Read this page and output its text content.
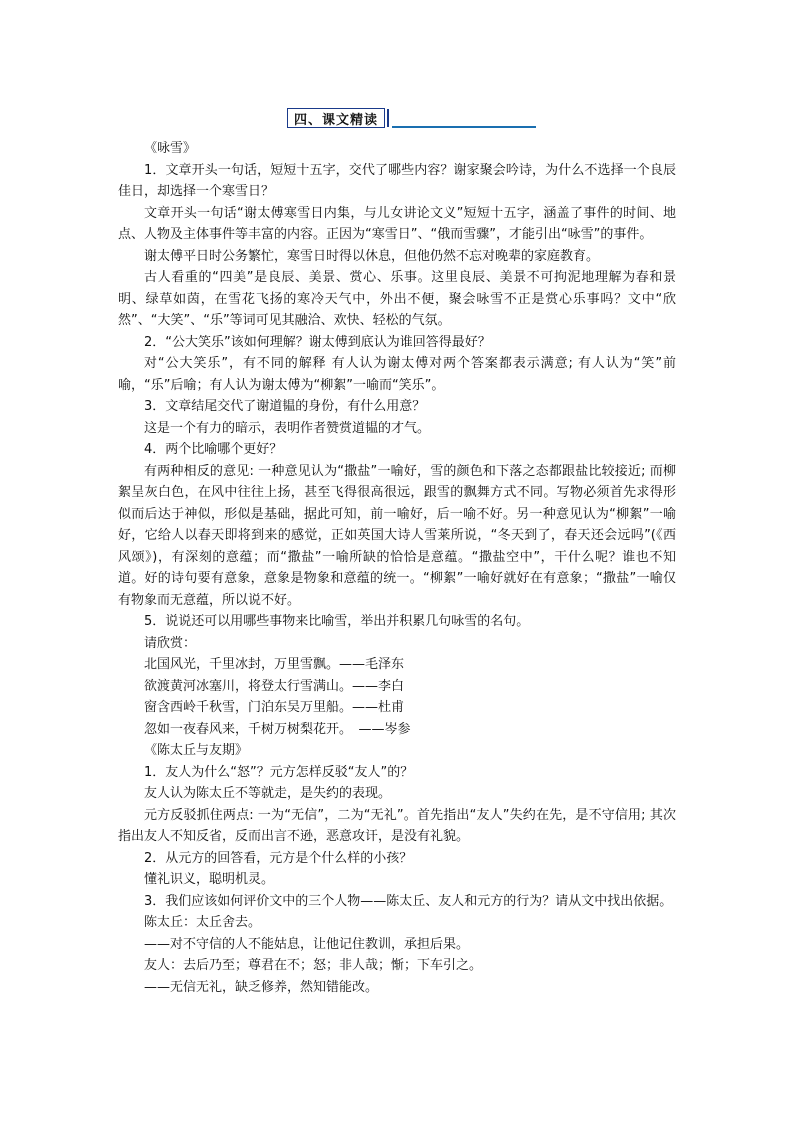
四、课文精读

《咏雪》

1．文章开头一句话，短短十五字，交代了哪些内容？谢家聚会吟诗，为什么不选择一个良辰佳日，却选择一个寒雪日？

文章开头一句话“谢太傅寒雪日内集，与儿女讲论文义”短短十五字，涵盖了事件的时间、地点、人物及主体事件等丰富的内容。正因为“寒雪日”、“俄而雪骤”，才能引出“咏雪”的事件。

谢太傅平日时公务繁忙，寒雪日时得以休息，但他仍然不忘对晚辈的家庭教育。

古人看重的“四美”是良辰、美景、赏心、乐事。这里良辰、美景不可拘泥地理解为春和景明、绿草如茵，在雪花飞扬的寒冷天气中，外出不便，聚会咏雪不正是赏心乐事吗？文中“欣然”、“大笑”、“乐”等词可见其融洽、欢快、轻松的气氛。

2．“公大笑乐”该如何理解？谢太傅到底认为谁回答得最好？

对“公大笑乐”，有不同的解释 有人认为谢太傅对两个答案都表示满意; 有人认为“笑”前喻，“乐”后喻；有人认为谢太傅为“柳絮”一喻而“笑乐”。

3．文章结尾交代了谢道韫的身份，有什么用意？

这是一个有力的暗示，表明作者赞赏道韫的才气。

4．两个比喻哪个更好？

有两种相反的意见: 一种意见认为“撒盐”一喻好，雪的颜色和下落之态都跟盐比较接近; 而柳絮呈灰白色，在风中往往上扬，甚至飞得很高很远，跟雪的飘舞方式不同。写物必须首先求得形似而后达于神似，形似是基础，据此可知，前一喻好，后一喻不好。另一种意见认为“柳絮”一喻好，它给人以春天即将到来的感觉，正如英国大诗人雪莱所说，“冬天到了，春天还会远吗”(《西风颂》)，有深刻的意蕴；而“撒盐”一喻所缺的恰恰是意蕴。“撒盐空中”，干什么呢？谁也不知道。好的诗句要有意象，意象是物象和意蕴的统一。“柳絮”一喻好就好在有意象；“撒盐”一喻仅有物象而无意蕴，所以说不好。

5．说说还可以用哪些事物来比喻雪，举出并积累几句咏雪的名句。

请欣赏：

北国风光，千里冰封，万里雪飘。——毛泽东

欲渡黄河冰塞川，将登太行雪满山。——李白

窗含西岭千秋雪，门泊东吴万里船。——杜甫

忽如一夜春风来，千树万树梨花开。　——岑参

《陈太丘与友期》

1．友人为什么“怒”？元方怎样反驳“友人”的？

友人认为陈太丘不等就走，是失约的表现。

元方反驳抓住两点: 一为“无信”，二为“无礼”。首先指出“友人”失约在先，是不守信用; 其次指出友人不知反省，反而出言不逊，恶意攻讦，是没有礼貌。

2．从元方的回答看，元方是个什么样的小孩？

懂礼识义，聪明机灵。

3．我们应该如何评价文中的三个人物——陈太丘、友人和元方的行为？请从文中找出依据。

陈太丘：太丘舍去。

——对不守信的人不能姑息，让他记住教训，承担后果。

友人：去后乃至；尊君在不；怒；非人哉；惭；下车引之。

——无信无礼，缺乏修养，然知错能改。
